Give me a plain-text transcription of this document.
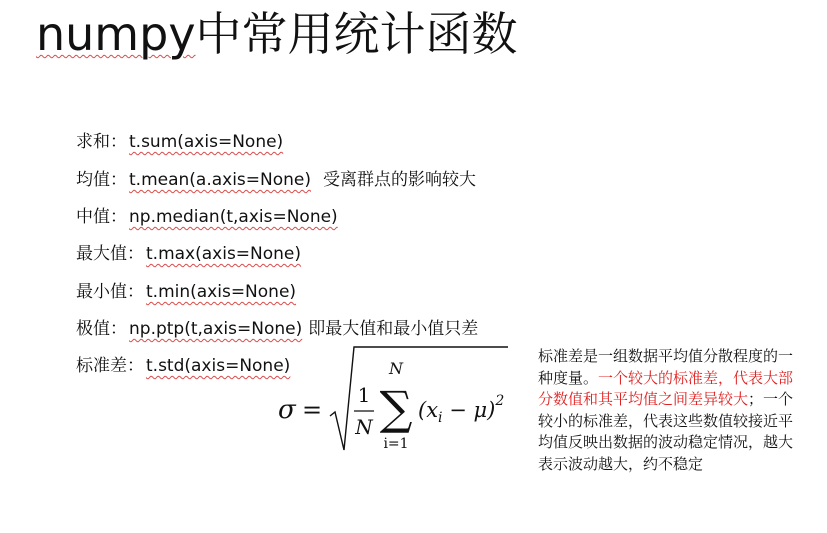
numpy中常用统计函数
求和： t.sum(axis=None)
均值： t.mean(a.axis=None) 受离群点的影响较大
中值： np.median(t,axis=None)
最大值： t.max(axis=None)
最小值： t.min(axis=None)
极值： np.ptp(t,axis=None) 即最大值和最小值只差
标准差： t.std(axis=None)
σ =
1
N
N
∑
i=1
$(x_i - \mu)^2$
标准差是一组数据平均值分散程度的一种度量。一个较大的标准差，代表大部分数值和其平均值之间差异较大；一个较小的标准差，代表这些数值较接近平均值反映出数据的波动稳定情况，越大表示波动越大，约不稳定
